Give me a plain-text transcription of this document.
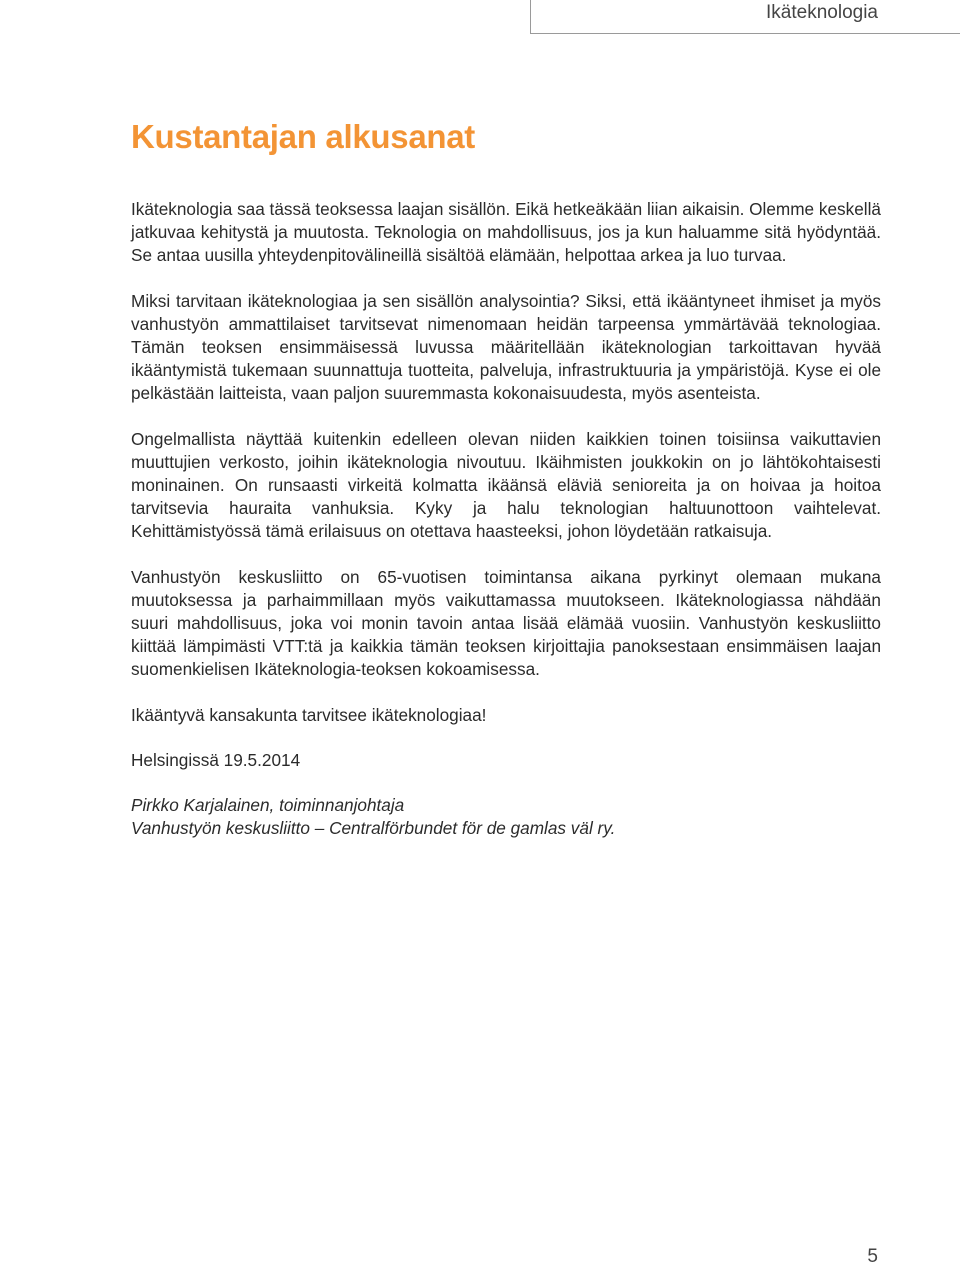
Ikäteknologia
Kustantajan alkusanat

Ikäteknologia saa tässä teoksessa laajan sisällön. Eikä hetkeäkään liian aikaisin. Olemme keskellä jatkuvaa kehitystä ja muutosta. Teknologia on mahdollisuus, jos ja kun haluamme sitä hyödyntää. Se antaa uusilla yhteydenpitovälineillä sisältöä elämään, helpottaa arkea ja luo turvaa.

Miksi tarvitaan ikäteknologiaa ja sen sisällön analysointia? Siksi, että ikääntyneet ihmiset ja myös vanhustyön ammattilaiset tarvitsevat nimenomaan heidän tarpeensa ymmärtävää teknologiaa. Tämän teoksen ensimmäisessä luvussa määritellään ikäteknologian tarkoittavan hyvää ikääntymistä tukemaan suunnattuja tuotteita, palveluja, infrastruktuuria ja ympäristöjä. Kyse ei ole pelkästään laitteista, vaan paljon suuremmasta kokonaisuudesta, myös asenteista.

Ongelmallista näyttää kuitenkin edelleen olevan niiden kaikkien toinen toisiinsa vaikuttavien muuttujien verkosto, joihin ikäteknologia nivoutuu. Ikäihmisten joukkokin on jo lähtökohtaisesti moninainen. On runsaasti virkeitä kolmatta ikäänsä eläviä senioreita ja on hoivaa ja hoitoa tarvitsevia hauraita vanhuksia. Kyky ja halu teknologian haltuunottoon vaihtelevat. Kehittämistyössä tämä erilaisuus on otettava haasteeksi, johon löydetään ratkaisuja.

Vanhustyön keskusliitto on 65-vuotisen toimintansa aikana pyrkinyt olemaan mukana muutoksessa ja parhaimmillaan myös vaikuttamassa muutokseen. Ikäteknologiassa nähdään suuri mahdollisuus, joka voi monin tavoin antaa lisää elämää vuosiin. Vanhustyön keskusliitto kiittää lämpimästi VTT:tä ja kaikkia tämän teoksen kirjoittajia panoksestaan ensimmäisen laajan suomenkielisen Ikäteknologia-teoksen kokoamisessa.

Ikääntyvä kansakunta tarvitsee ikäteknologiaa!

Helsingissä 19.5.2014

Pirkko Karjalainen, toiminnanjohtaja
Vanhustyön keskusliitto – Centralförbundet för de gamlas väl ry.

5
